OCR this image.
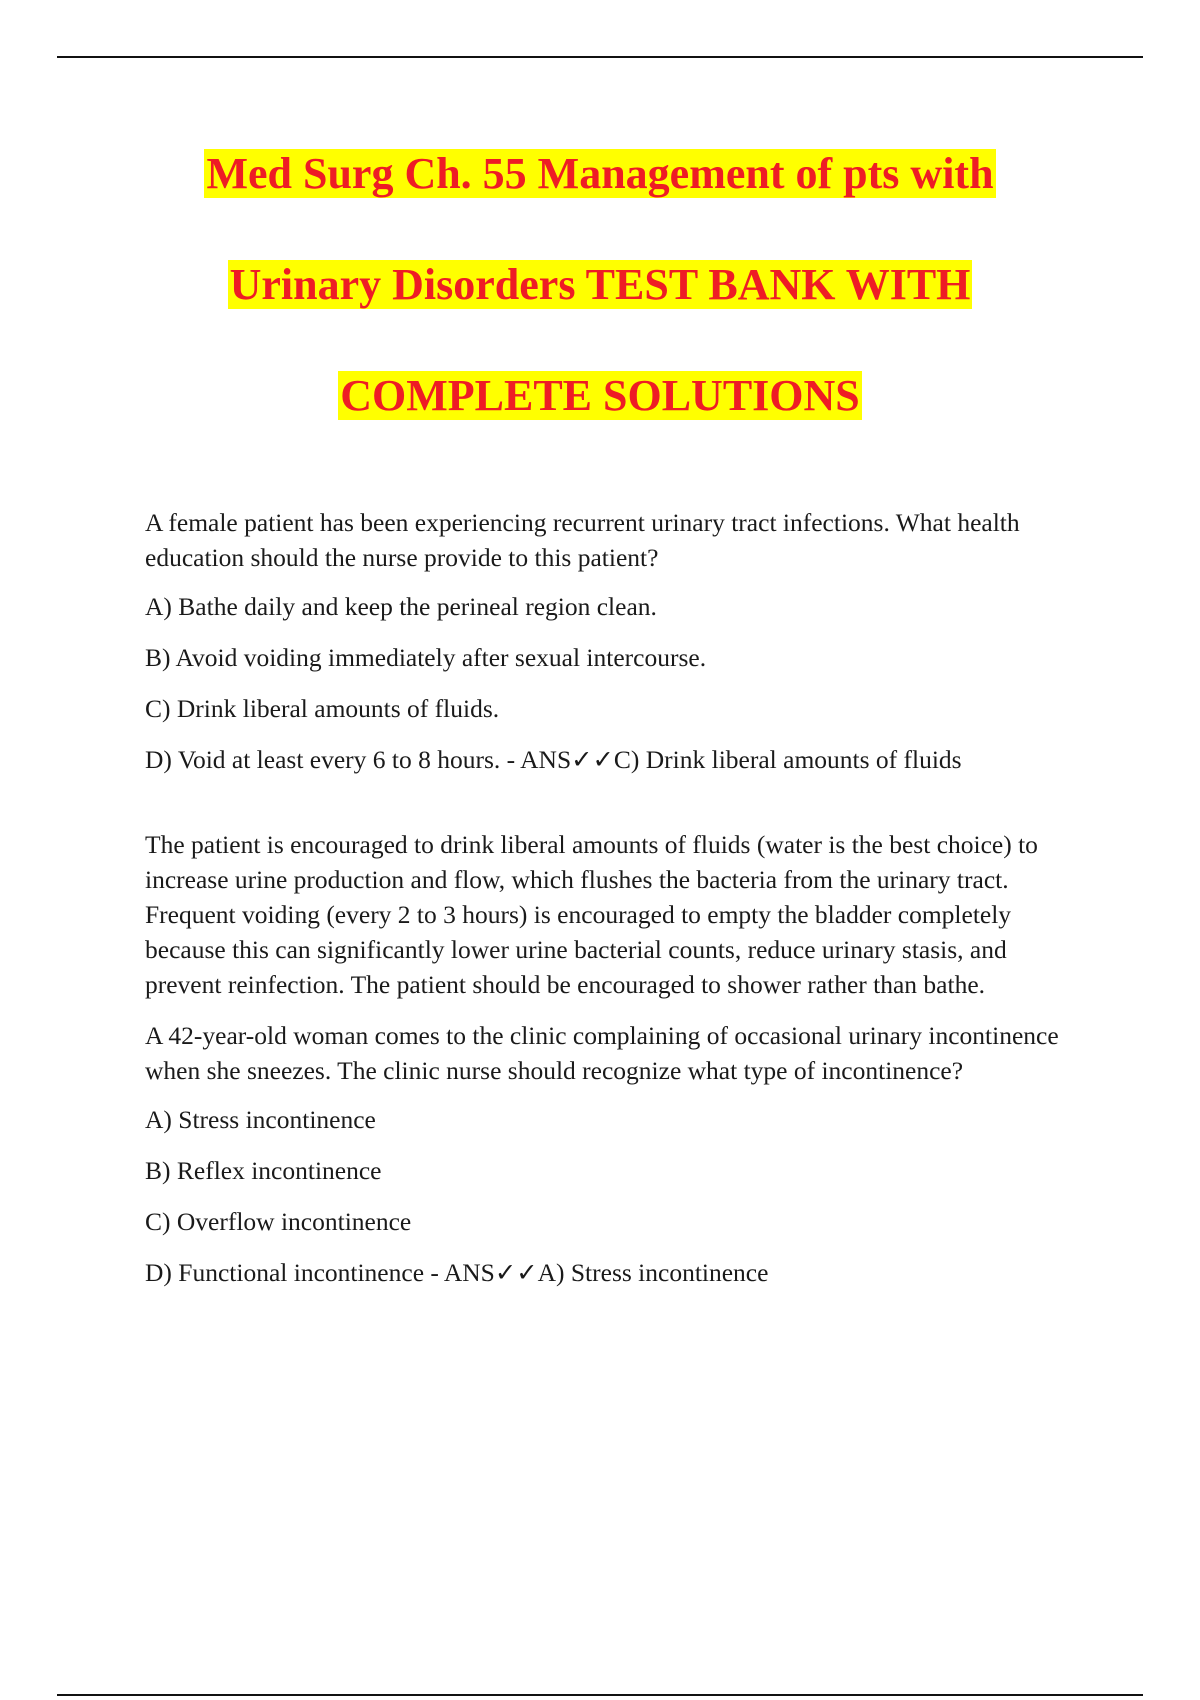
Med Surg Ch. 55 Management of pts with
Urinary Disorders TEST BANK WITH
COMPLETE SOLUTIONS

A female patient has been experiencing recurrent urinary tract infections. What health education should the nurse provide to this patient?

A) Bathe daily and keep the perineal region clean.

B) Avoid voiding immediately after sexual intercourse.

C) Drink liberal amounts of fluids.

D) Void at least every 6 to 8 hours. - ANS✓✓C) Drink liberal amounts of fluids

The patient is encouraged to drink liberal amounts of fluids (water is the best choice) to increase urine production and flow, which flushes the bacteria from the urinary tract. Frequent voiding (every 2 to 3 hours) is encouraged to empty the bladder completely because this can significantly lower urine bacterial counts, reduce urinary stasis, and prevent reinfection. The patient should be encouraged to shower rather than bathe.

A 42-year-old woman comes to the clinic complaining of occasional urinary incontinence when she sneezes. The clinic nurse should recognize what type of incontinence?

A) Stress incontinence

B) Reflex incontinence

C) Overflow incontinence

D) Functional incontinence - ANS✓✓A) Stress incontinence
